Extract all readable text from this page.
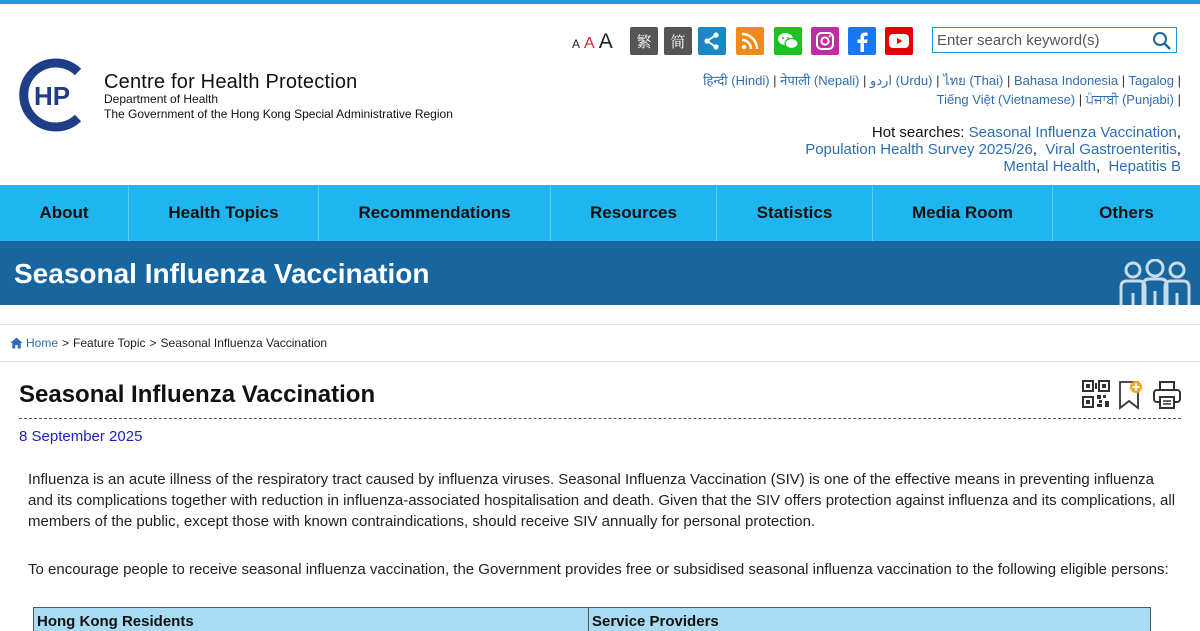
HP Centre for Health Protection
Department of Health
The Government of the Hong Kong Special Administrative Region
A A A 繁 简
Enter search keyword(s)
हिन्दी (Hindi) | नेपाली (Nepali) | اردو (Urdu) | ไทย (Thai) | Bahasa Indonesia | Tagalog |
Tiếng Việt (Vietnamese) | ਪੰਜਾਬੀ (Punjabi) |
Hot searches: Seasonal Influenza Vaccination,
Population Health Survey 2025/26,  Viral Gastroenteritis,
Mental Health,  Hepatitis B
About	Health Topics	Recommendations	Resources	Statistics	Media Room	Others
Seasonal Influenza Vaccination
Home > Feature Topic > Seasonal Influenza Vaccination
Seasonal Influenza Vaccination
8 September 2025

Influenza is an acute illness of the respiratory tract caused by influenza viruses. Seasonal Influenza Vaccination (SIV) is one of the effective means in preventing influenza and its complications together with reduction in influenza-associated hospitalisation and death. Given that the SIV offers protection against influenza and its complications, all members of the public, except those with known contraindications, should receive SIV annually for personal protection.

To encourage people to receive seasonal influenza vaccination, the Government provides free or subsidised seasonal influenza vaccination to the following eligible persons:

Hong Kong Residents	Service Providers
